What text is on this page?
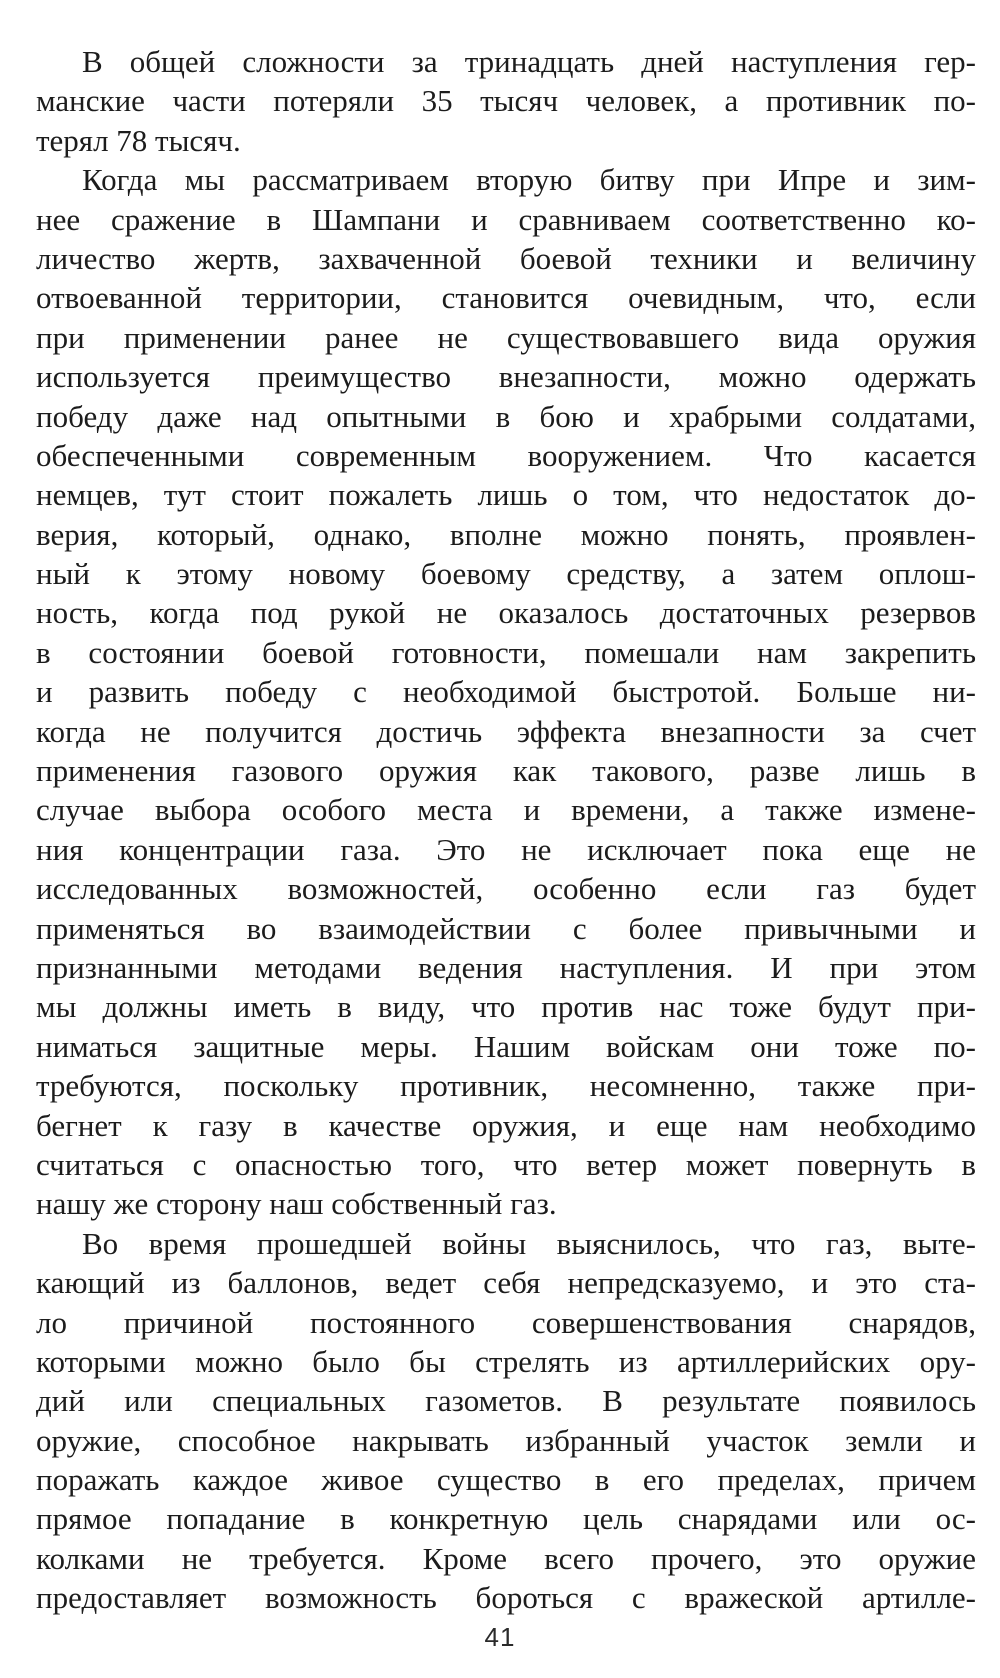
В общей сложности за тринадцать дней наступления гер-
манские части потеряли 35 тысяч человек, а противник по-
терял 78 тысяч.
Когда мы рассматриваем вторую битву при Ипре и зим-
нее сражение в Шампани и сравниваем соответственно ко-
личество жертв, захваченной боевой техники и величину
отвоеванной территории, становится очевидным, что, если
при применении ранее не существовавшего вида оружия
используется преимущество внезапности, можно одержать
победу даже над опытными в бою и храбрыми солдатами,
обеспеченными современным вооружением. Что касается
немцев, тут стоит пожалеть лишь о том, что недостаток до-
верия, который, однако, вполне можно понять, проявлен-
ный к этому новому боевому средству, а затем оплош-
ность, когда под рукой не оказалось достаточных резервов
в состоянии боевой готовности, помешали нам закрепить
и развить победу с необходимой быстротой. Больше ни-
когда не получится достичь эффекта внезапности за счет
применения газового оружия как такового, разве лишь в
случае выбора особого места и времени, а также измене-
ния концентрации газа. Это не исключает пока еще не
исследованных возможностей, особенно если газ будет
применяться во взаимодействии с более привычными и
признанными методами ведения наступления. И при этом
мы должны иметь в виду, что против нас тоже будут при-
ниматься защитные меры. Нашим войскам они тоже по-
требуются, поскольку противник, несомненно, также при-
бегнет к газу в качестве оружия, и еще нам необходимо
считаться с опасностью того, что ветер может повернуть в
нашу же сторону наш собственный газ.
Во время прошедшей войны выяснилось, что газ, выте-
кающий из баллонов, ведет себя непредсказуемо, и это ста-
ло причиной постоянного совершенствования снарядов,
которыми можно было бы стрелять из артиллерийских ору-
дий или специальных газометов. В результате появилось
оружие, способное накрывать избранный участок земли и
поражать каждое живое существо в его пределах, причем
прямое попадание в конкретную цель снарядами или ос-
колками не требуется. Кроме всего прочего, это оружие
предоставляет возможность бороться с вражеской артилле-
41
